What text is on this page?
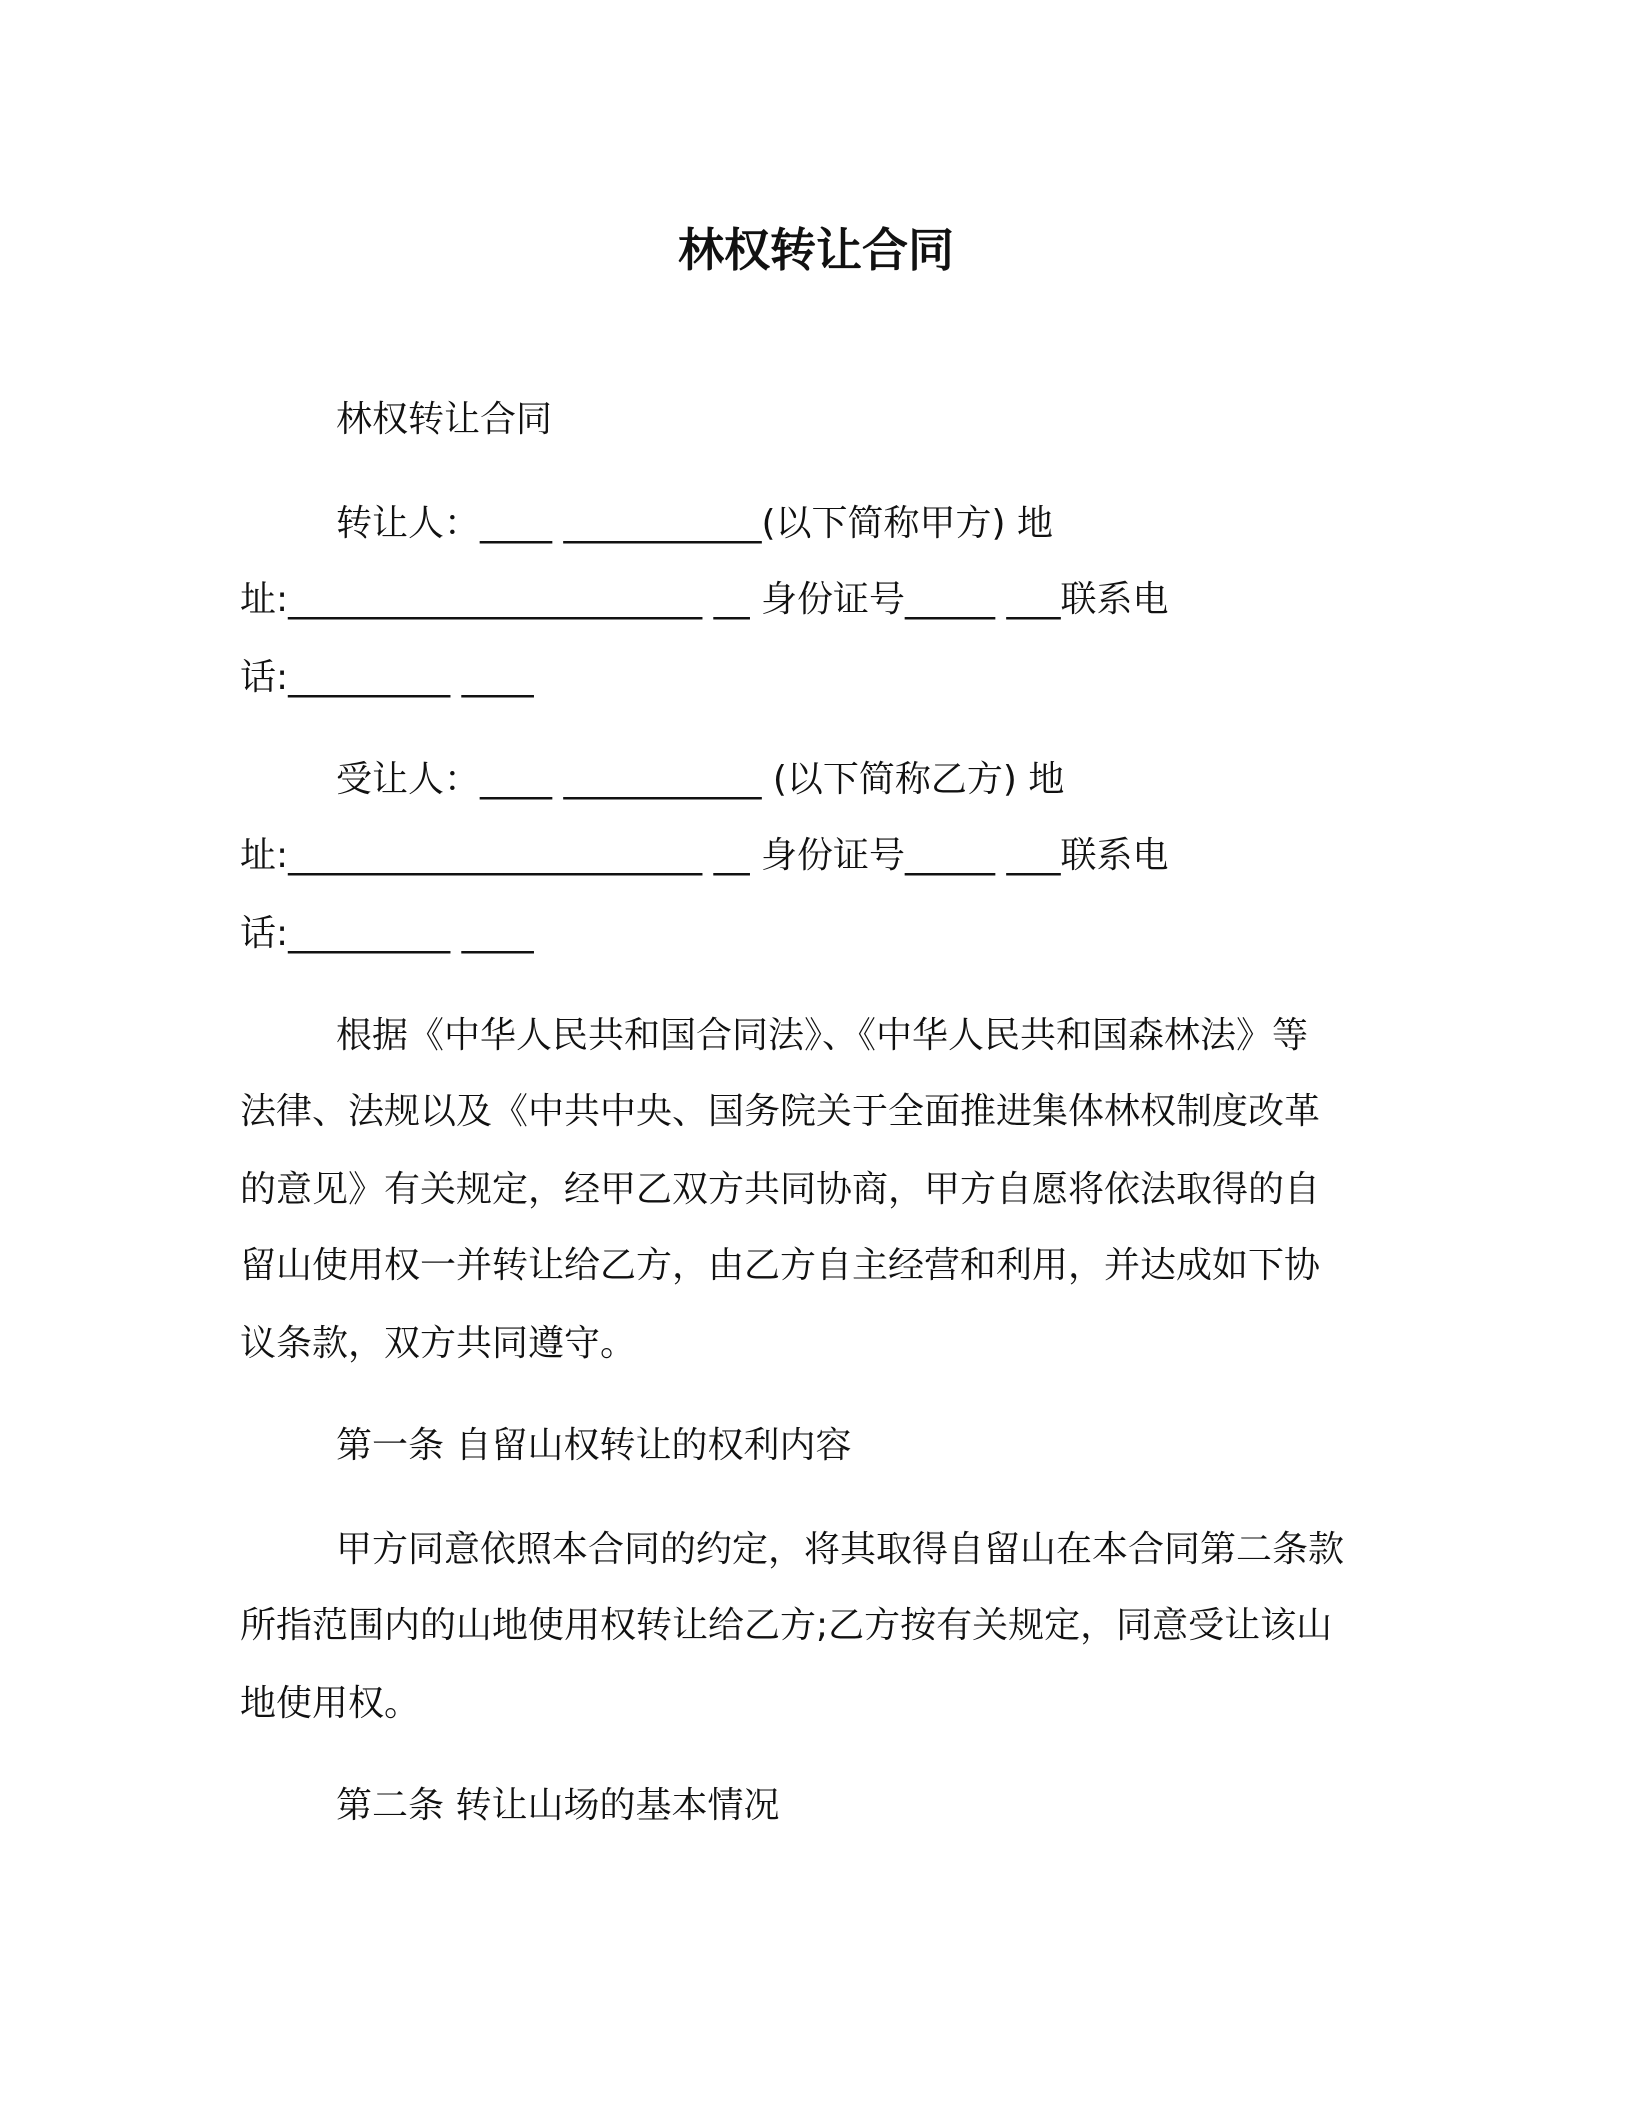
林权转让合同
林权转让合同
转让人：____ ___________(以下简称甲方) 地
址:_______________________ __ 身份证号_____ ___联系电
话:_________ ____
受让人：____ ___________ (以下简称乙方) 地
址:_______________________ __ 身份证号_____ ___联系电
话:_________ ____
根据《中华人民共和国合同法》、《中华人民共和国森林法》等
法律、法规以及《中共中央、国务院关于全面推进集体林权制度改革
的意见》有关规定，经甲乙双方共同协商，甲方自愿将依法取得的自
留山使用权一并转让给乙方，由乙方自主经营和利用，并达成如下协
议条款，双方共同遵守。
第一条 自留山权转让的权利内容
甲方同意依照本合同的约定，将其取得自留山在本合同第二条款
所指范围内的山地使用权转让给乙方;乙方按有关规定，同意受让该山
地使用权。
第二条 转让山场的基本情况
